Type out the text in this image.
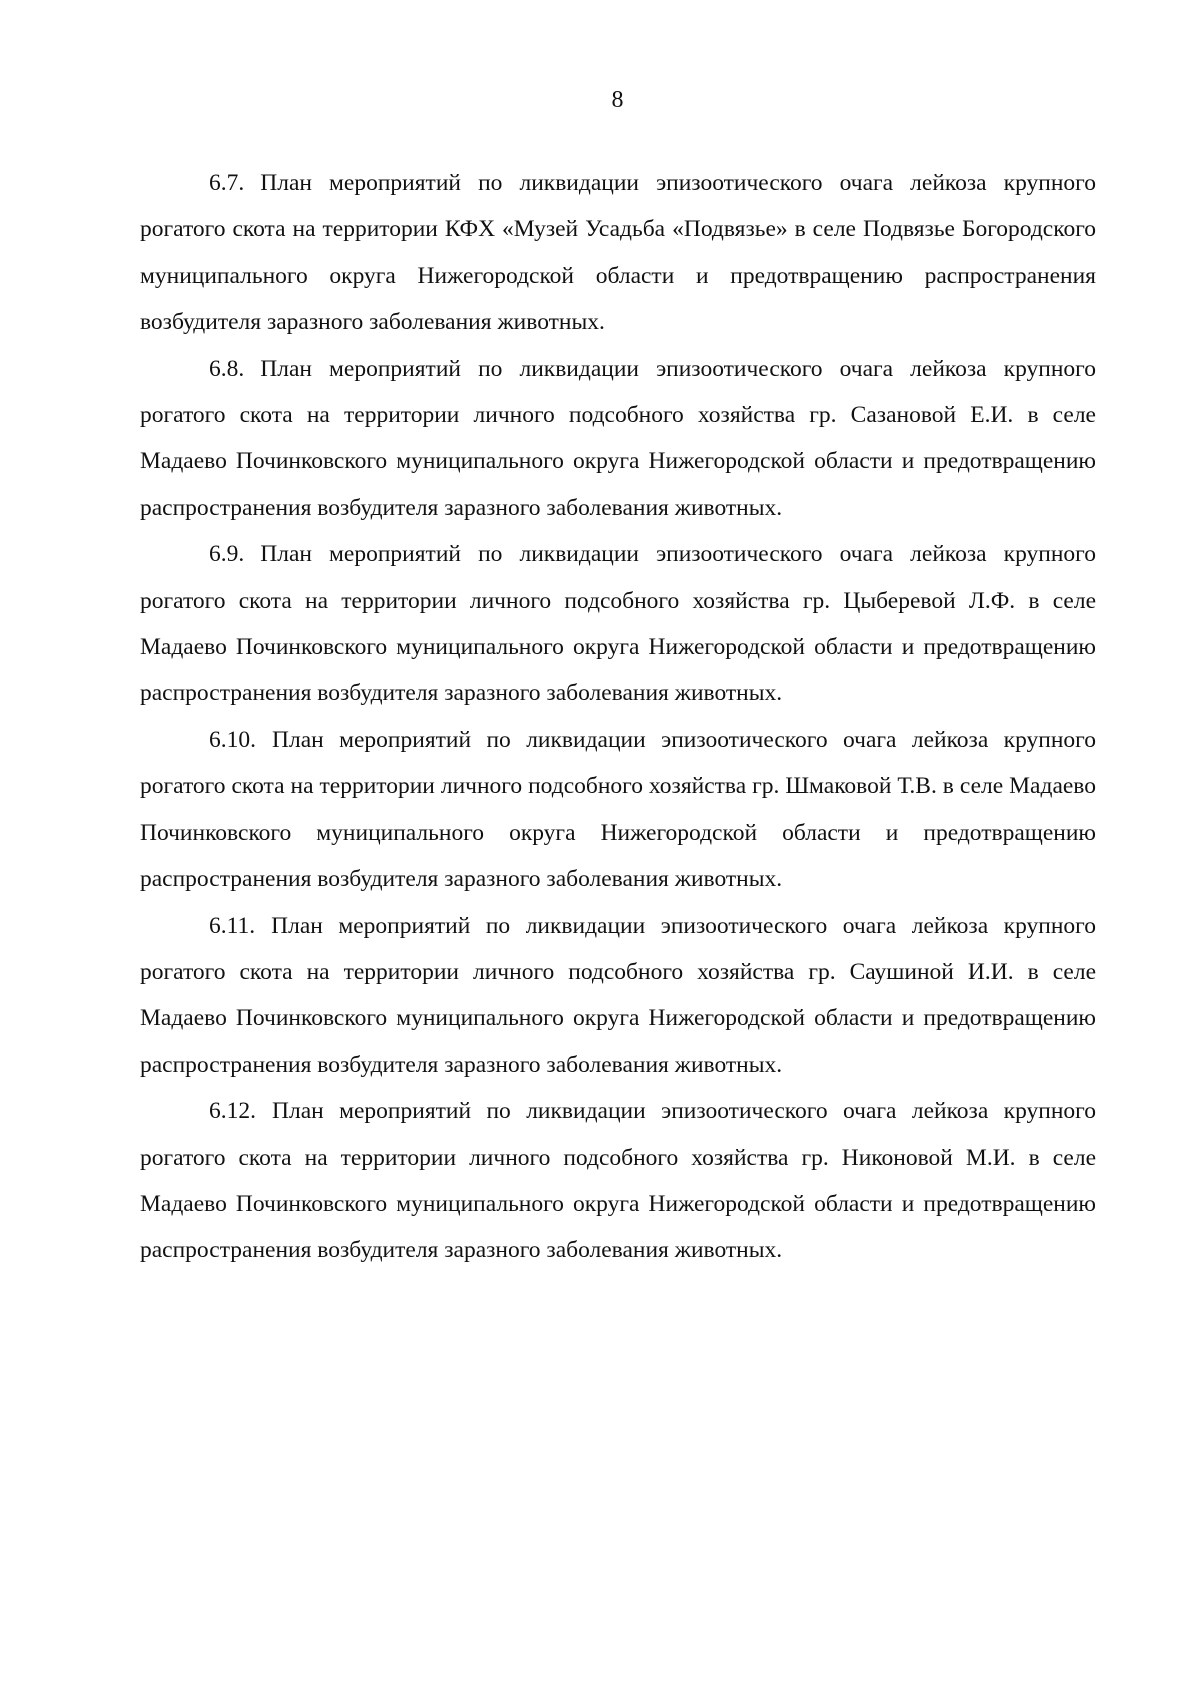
8

6.7. План мероприятий по ликвидации эпизоотического очага лейкоза крупного рогатого скота на территории КФХ «Музей Усадьба «Подвязье» в селе Подвязье Богородского муниципального округа Нижегородской области и предотвращению распространения возбудителя заразного заболевания животных.

6.8. План мероприятий по ликвидации эпизоотического очага лейкоза крупного рогатого скота на территории личного подсобного хозяйства гр. Сазановой Е.И. в селе Мадаево Починковского муниципального округа Нижегородской области и предотвращению распространения возбудителя заразного заболевания животных.

6.9. План мероприятий по ликвидации эпизоотического очага лейкоза крупного рогатого скота на территории личного подсобного хозяйства гр. Цыберевой Л.Ф. в селе Мадаево Починковского муниципального округа Нижегородской области и предотвращению распространения возбудителя заразного заболевания животных.

6.10. План мероприятий по ликвидации эпизоотического очага лейкоза крупного рогатого скота на территории личного подсобного хозяйства гр. Шмаковой Т.В. в селе Мадаево Починковского муниципального округа Нижегородской области и предотвращению распространения возбудителя заразного заболевания животных.

6.11. План мероприятий по ликвидации эпизоотического очага лейкоза крупного рогатого скота на территории личного подсобного хозяйства гр. Саушиной И.И. в селе Мадаево Починковского муниципального округа Нижегородской области и предотвращению распространения возбудителя заразного заболевания животных.

6.12. План мероприятий по ликвидации эпизоотического очага лейкоза крупного рогатого скота на территории личного подсобного хозяйства гр. Никоновой М.И. в селе Мадаево Починковского муниципального округа Нижегородской области и предотвращению распространения возбудителя заразного заболевания животных.
